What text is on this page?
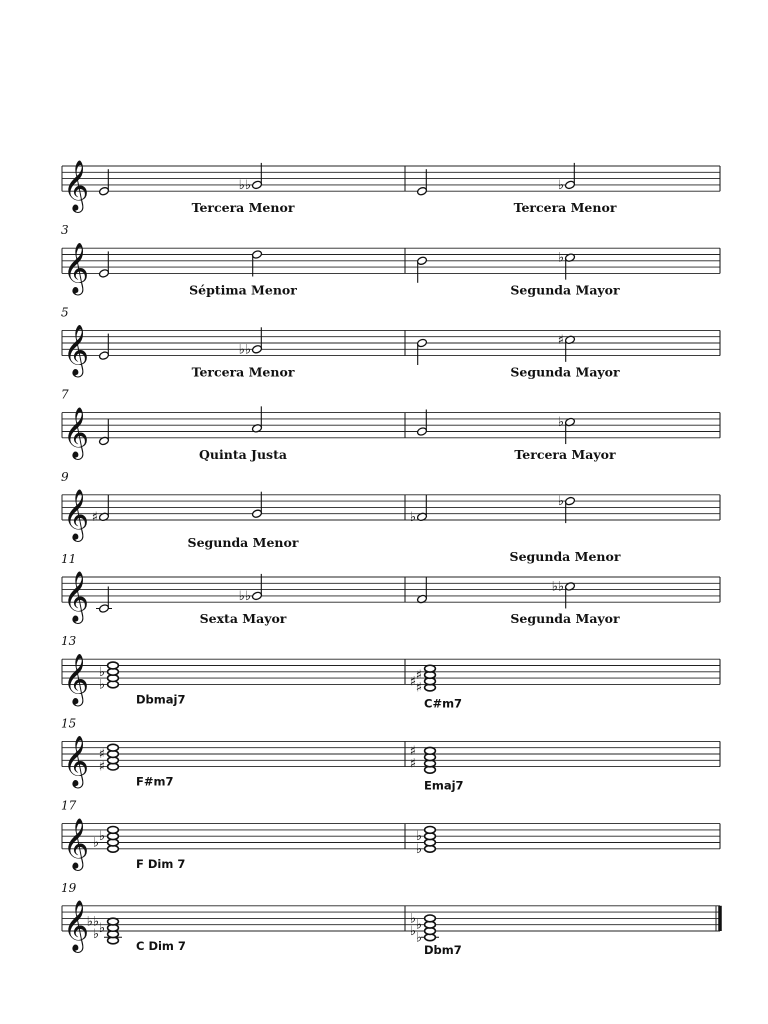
𝄞	♭♭
Tercera Menor
♭
Tercera Menor
𝄞
3
Séptima Menor
♭
Segunda Mayor
𝄞
5
♭♭
Tercera Menor
♯
Segunda Mayor
𝄞
7
Quinta Justa
♭
Tercera Mayor
𝄞
9
♯
Segunda Menor
♭
♭
Segunda Menor
𝄞
11
♭♭
Sexta Mayor
♭♭
Segunda Mayor
𝄞
13
♭
♭
Dbmaj7
♯
♯ ♯
C#m7
𝄞
15
♯
♯
F#m7
♯
♯
Emaj7
𝄞
17
♭ ♭
F Dim 7
♭
♭
𝄞
19
♭ ♭
♭♭
C Dim 7
♭
♭ ♭
♭
Dbm7
